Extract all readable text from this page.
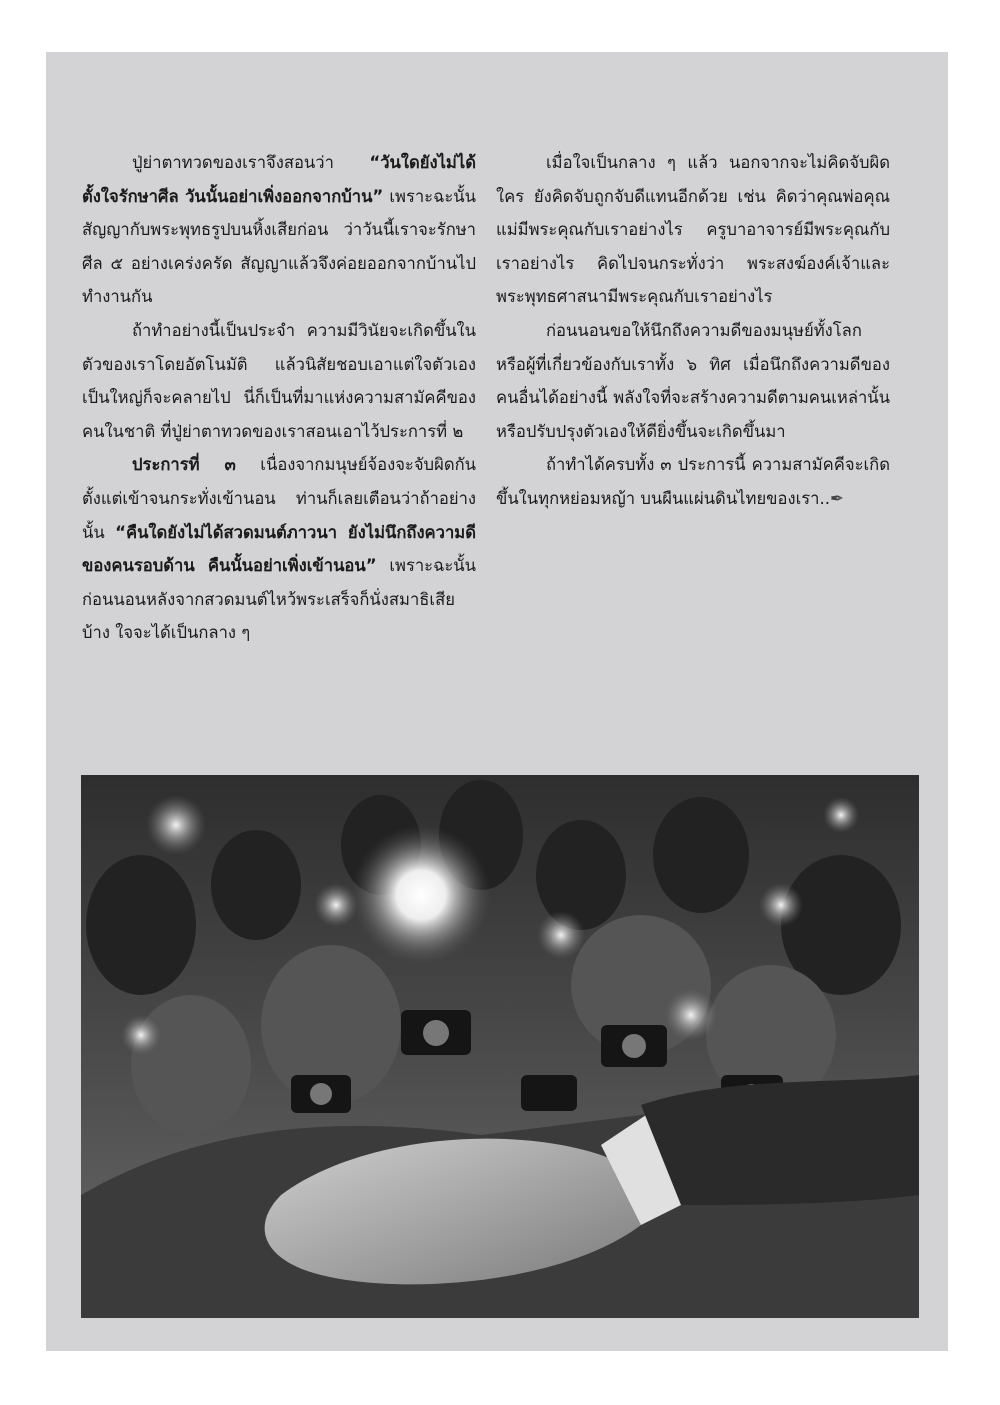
ปู่ย่าตาทวดของเราจึงสอนว่า “วันใดยังไม่ได้ตั้งใจรักษาศีล วันนั้นอย่าเพิ่งออกจากบ้าน” เพราะฉะนั้น สัญญากับพระพุทธรูปบนหิ้งเสียก่อน ว่าวันนี้เราจะรักษาศีล ๕ อย่างเคร่งครัด สัญญาแล้วจึงค่อยออกจากบ้านไปทำงานกัน

ถ้าทำอย่างนี้เป็นประจำ ความมีวินัยจะเกิดขึ้นในตัวของเราโดยอัตโนมัติ แล้วนิสัยชอบเอาแต่ใจตัวเองเป็นใหญ่ก็จะคลายไป นี่ก็เป็นที่มาแห่งความสามัคคีของคนในชาติ ที่ปู่ย่าตาทวดของเราสอนเอาไว้ประการที่ ๒

ประการที่ ๓ เนื่องจากมนุษย์จ้องจะจับผิดกันตั้งแต่เข้าจนกระทั่งเข้านอน ท่านก็เลยเตือนว่าถ้าอย่างนั้น “คืนใดยังไม่ได้สวดมนต์ภาวนา ยังไม่นึกถึงความดีของคนรอบด้าน คืนนั้นอย่าเพิ่งเข้านอน” เพราะฉะนั้น ก่อนนอนหลังจากสวดมนต์ไหว้พระเสร็จก็นั่งสมาธิเสียบ้าง ใจจะได้เป็นกลาง ๆ

เมื่อใจเป็นกลาง ๆ แล้ว นอกจากจะไม่คิดจับผิดใคร ยังคิดจับถูกจับดีแทนอีกด้วย เช่น คิดว่าคุณพ่อคุณแม่มีพระคุณกับเราอย่างไร ครูบาอาจารย์มีพระคุณกับเราอย่างไร คิดไปจนกระทั่งว่า พระสงฆ์องค์เจ้าและพระพุทธศาสนามีพระคุณกับเราอย่างไร

ก่อนนอนขอให้นึกถึงความดีของมนุษย์ทั้งโลก หรือผู้ที่เกี่ยวข้องกับเราทั้ง ๖ ทิศ เมื่อนึกถึงความดีของคนอื่นได้อย่างนี้ พลังใจที่จะสร้างความดีตามคนเหล่านั้น หรือปรับปรุงตัวเองให้ดียิ่งขึ้นจะเกิดขึ้นมา

ถ้าทำได้ครบทั้ง ๓ ประการนี้ ความสามัคคีจะเกิดขึ้นในทุกหย่อมหญ้า บนผืนแผ่นดินไทยของเรา..✒
